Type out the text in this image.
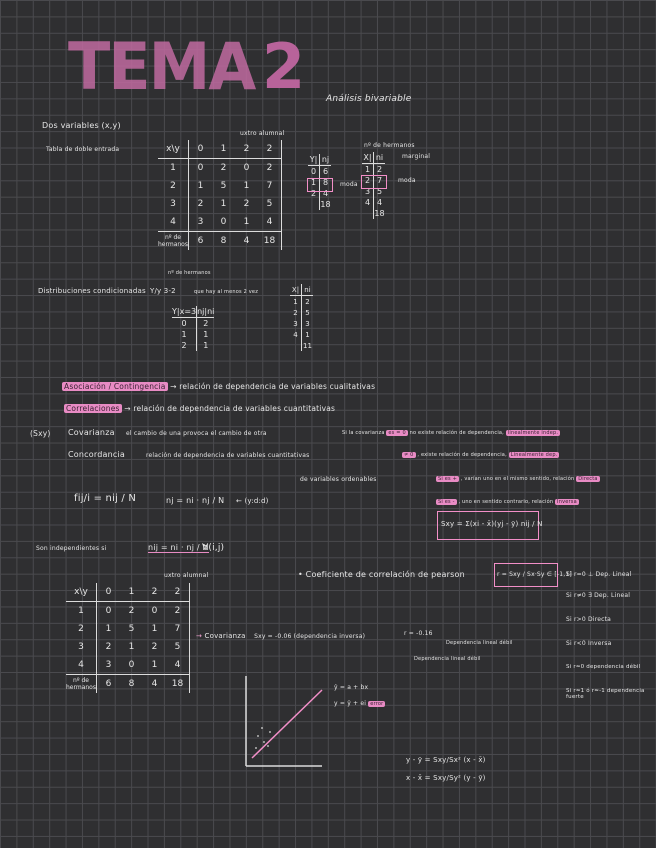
TEMA 2 Análisis bivariable
Dos variables (x,y)
Tabla de doble entrada
uxtro alumnal
x\y	0	1	2	2
1	0	2	0	2
2	1	5	1	7
3	2	1	2	5
4	3	0	1	4
nº de hermanos	6	8	4	18
Y|	nj
0	6
1	8
2	4
	18
moda
nº de hermanos
marginal
X|	ni
1	2
2	7
3	5
4	4
	18
moda
Distribuciones condicionadas Y/y 3-2	que hay al menos 2 vez
nº de hermanos
Y|x=3	nj|ni
0	2
1	1
2	1
X|	ni
1	2
2	5
3	3
4	1
	11
Asociación / Contingencia → relación de dependencia de variables cualitativas
Correlaciones → relación de dependencia de variables cuantitativas
(Sxy) Covarianza el cambio de una provoca el cambio de otra
Concordancia	relación de dependencia de variables cuantitativas
de variables ordenables
Si la covarianza es = 0 no existe relación de dependencia, linealmente indep.
≠ 0 , existe relación de dependencia, Linealmente dep.
Si es + , varían uno en el mismo sentido, relación Directa
Si es - , uno en sentido contrario, relación Inversa
fij/i = nij / N	nj = ni · nj / N ← (y:d:d)
Sxy = Σ(xi - x̄)(yj - ȳ) nij / N
Son independientes si	nij = ni · nj / N
∀(i,j)
uxtro alumnal
x\y	0	1	2	2
1	0	2	0	2
2	1	5	1	7
3	2	1	2	5
4	3	0	1	4
nº de hermanos	6	8	4	18
→ Covarianza Sxy = -0.06 (dependencia inversa)	r = -0.16
Dependencia lineal débil
Dependencia lineal débil
• Coeficiente de correlación de pearson	r = Sxy / Sx·Sy ∈ [-1,1]
Si r=0 ⊥ Dep. Lineal
Si r≠0 ∃ Dep. Lineal
Si r>0 Directa
Si r<0 Inversa
Si r≃0 dependencia débil
Si r≃1 ó r≃-1 dependencia fuerte
ŷ = a + bx
y = ŷ + ei error
y - ȳ = Sxy/Sx² (x - x̄)
x - x̄ = Sxy/Sy² (y - ȳ)
